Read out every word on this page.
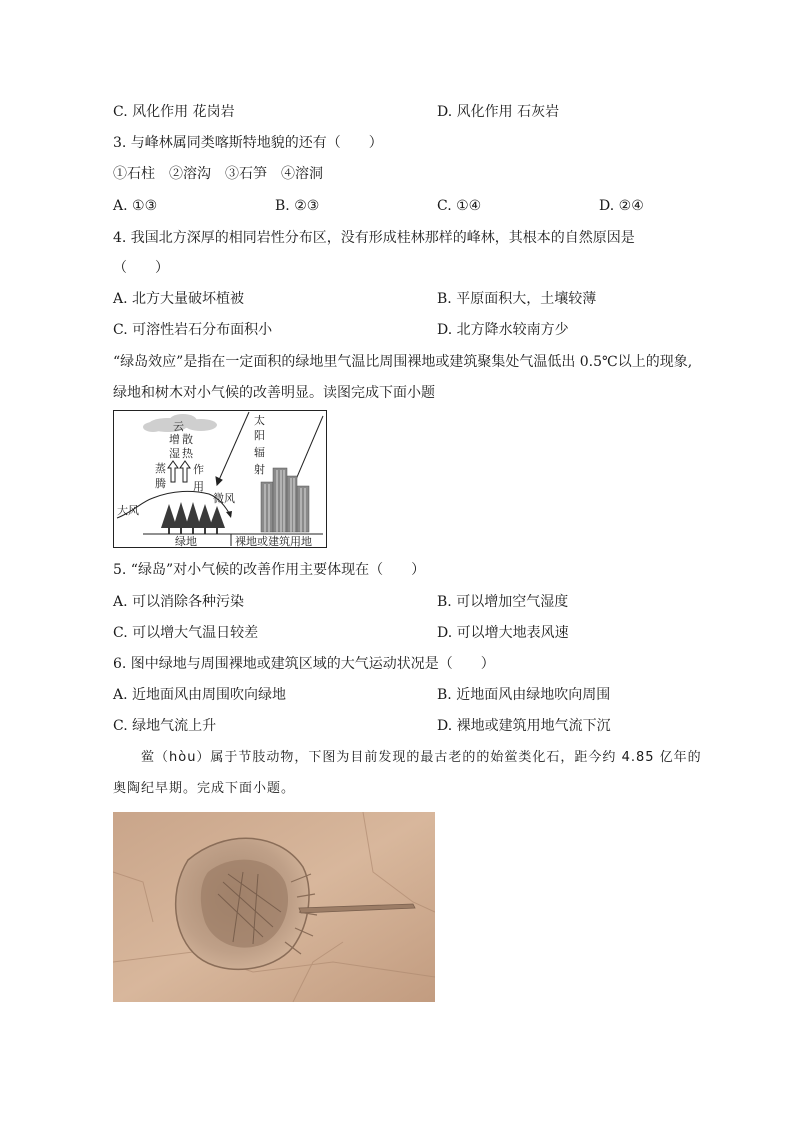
C. 风化作用 花岗岩	D. 风化作用 石灰岩
3. 与峰林属同类喀斯特地貌的还有（　　）
①石柱　②溶沟　③石笋　④溶洞
A. ①③	B. ②③	C. ①④	D. ②④
4. 我国北方深厚的相同岩性分布区，没有形成桂林那样的峰林，其根本的自然原因是
（　　）
A. 北方大量破坏植被	B. 平原面积大，土壤较薄
C. 可溶性岩石分布面积小	D. 北方降水较南方少
“绿岛效应”是指在一定面积的绿地里气温比周围裸地或建筑聚集处气温低出 0.5℃以上的现象,
绿地和树木对小气候的改善明显。读图完成下面小题
云
增 散
湿 热
蒸
腾
作
用
太
阳
辐
射
大风
微风
绿地	裸地或建筑用地
5. “绿岛”对小气候的改善作用主要体现在（　　）
A. 可以消除各种污染	B. 可以增加空气湿度
C. 可以增大气温日较差	D. 可以增大地表风速
6. 图中绿地与周围裸地或建筑区域的大气运动状况是（　　）
A. 近地面风由周围吹向绿地	B. 近地面风由绿地吹向周围
C. 绿地气流上升	D. 裸地或建筑用地气流下沉
　　鲎（hòu）属于节肢动物，下图为目前发现的最古老的的始鲎类化石，距今约 4.85 亿年的
奥陶纪早期。完成下面小题。
